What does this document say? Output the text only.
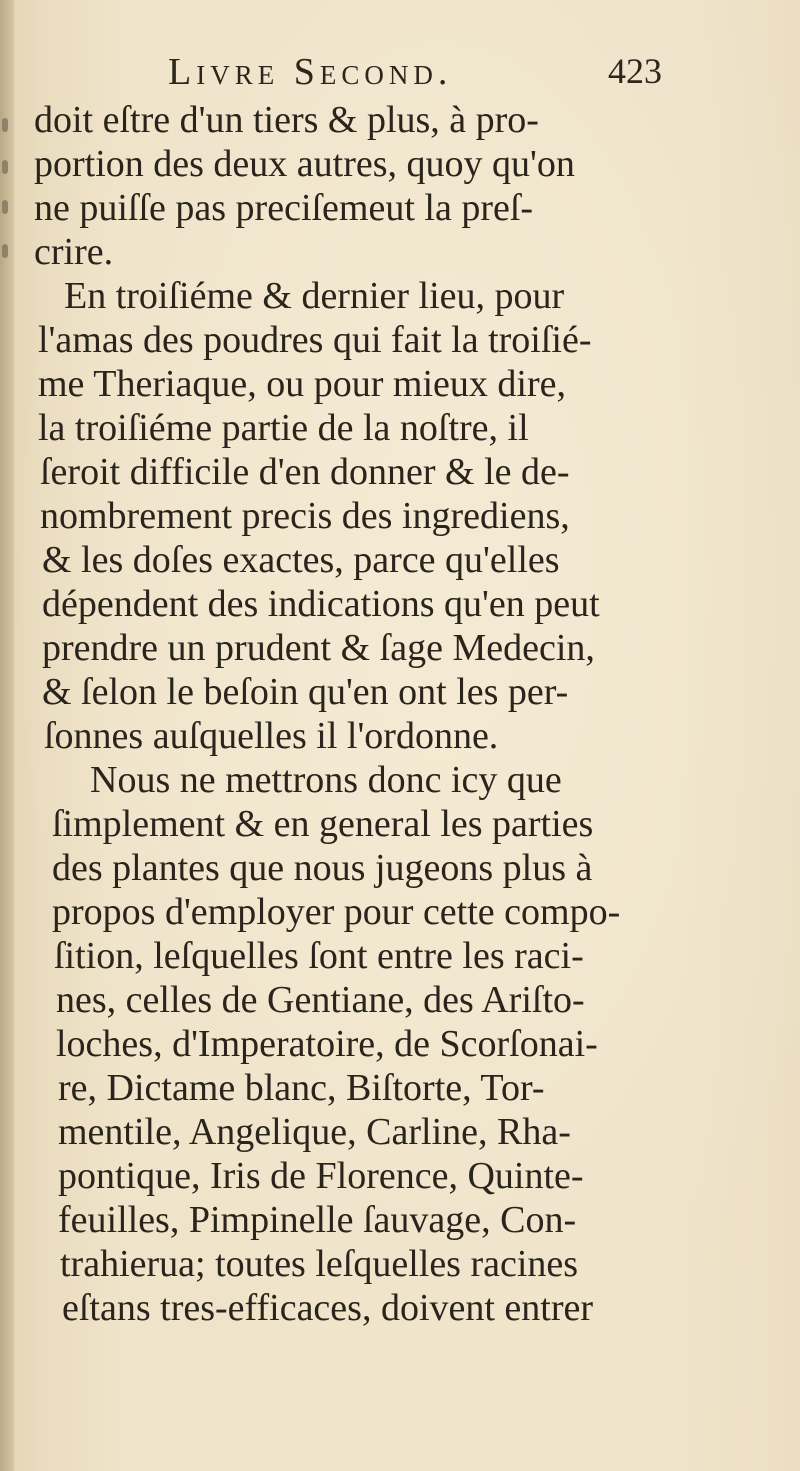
Livre Second.	423
doit eſtre d'un tiers & plus, à pro-
portion des deux autres, quoy qu'on
ne puiſſe pas preciſemeut la preſ-
crire.
En troiſiéme & dernier lieu, pour
l'amas des poudres qui fait la troiſié-
me Theriaque, ou pour mieux dire,
la troiſiéme partie de la noſtre, il
ſeroit difficile d'en donner & le de-
nombrement precis des ingrediens,
& les doſes exactes, parce qu'elles
dépendent des indications qu'en peut
prendre un prudent & ſage Medecin,
& ſelon le beſoin qu'en ont les per-
ſonnes auſquelles il l'ordonne.
Nous ne mettrons donc icy que
ſimplement & en general les parties
des plantes que nous jugeons plus à
propos d'employer pour cette compo-
ſition, leſquelles ſont entre les raci-
nes, celles de Gentiane, des Ariſto-
loches, d'Imperatoire, de Scorſonai-
re, Dictame blanc, Biſtorte, Tor-
mentile, Angelique, Carline, Rha-
pontique, Iris de Florence, Quinte-
feuilles, Pimpinelle ſauvage, Con-
trahierua; toutes leſquelles racines
eſtans tres-efficaces, doivent entrer
